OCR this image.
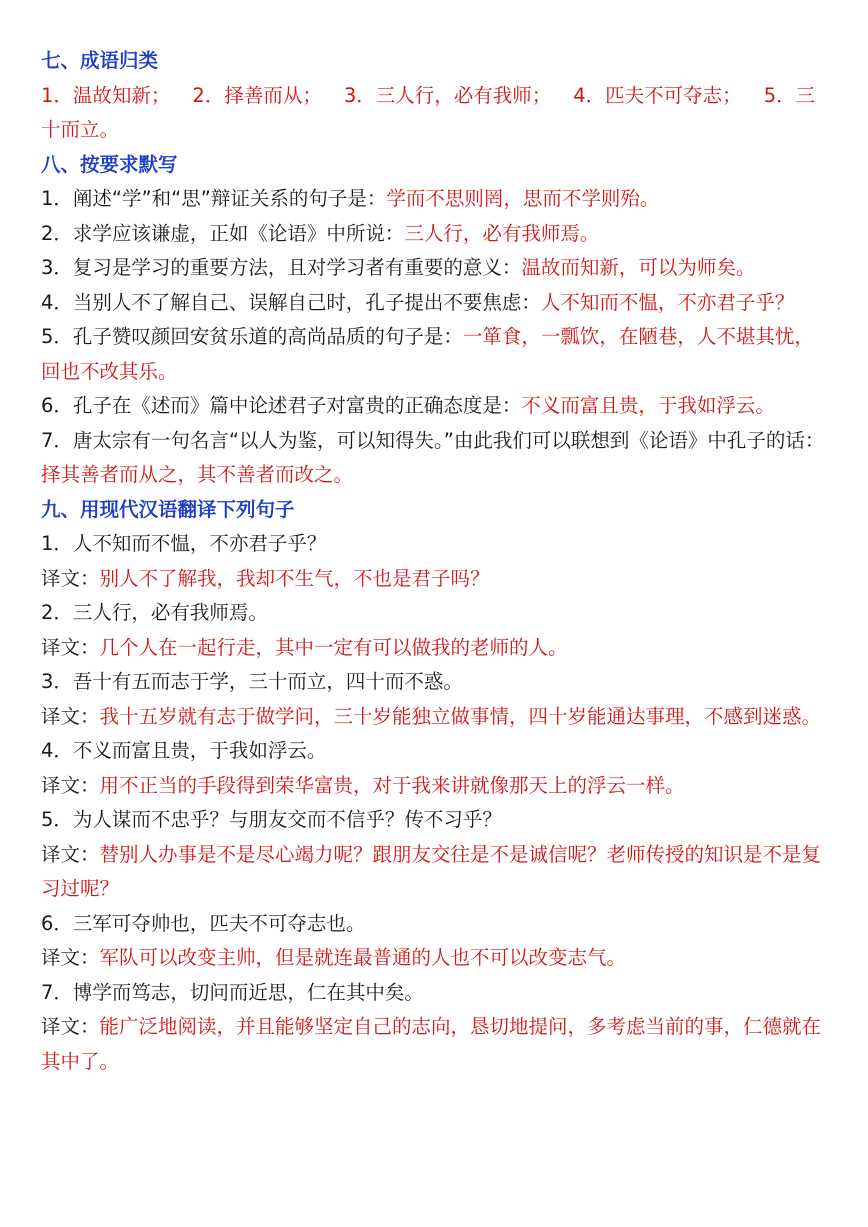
七、成语归类
1．温故知新； 2．择善而从； 3．三人行，必有我师； 4．匹夫不可夺志； 5．三十而立。
八、按要求默写
1．阐述“学”和“思”辩证关系的句子是：学而不思则罔，思而不学则殆。
2．求学应该谦虚，正如《论语》中所说：三人行，必有我师焉。
3．复习是学习的重要方法，且对学习者有重要的意义：温故而知新，可以为师矣。
4．当别人不了解自己、误解自己时，孔子提出不要焦虑：人不知而不愠，不亦君子乎？
5．孔子赞叹颜回安贫乐道的高尚品质的句子是：一箪食，一瓢饮，在陋巷，人不堪其忧，回也不改其乐。
6．孔子在《述而》篇中论述君子对富贵的正确态度是：不义而富且贵，于我如浮云。
7．唐太宗有一句名言“以人为鉴，可以知得失。”由此我们可以联想到《论语》中孔子的话：择其善者而从之，其不善者而改之。
九、用现代汉语翻译下列句子
1．人不知而不愠，不亦君子乎？
译文：别人不了解我，我却不生气，不也是君子吗？
2．三人行，必有我师焉。
译文：几个人在一起行走，其中一定有可以做我的老师的人。
3．吾十有五而志于学，三十而立，四十而不惑。
译文：我十五岁就有志于做学问，三十岁能独立做事情，四十岁能通达事理，不感到迷惑。
4．不义而富且贵，于我如浮云。
译文：用不正当的手段得到荣华富贵，对于我来讲就像那天上的浮云一样。
5．为人谋而不忠乎？与朋友交而不信乎？传不习乎？
译文：替别人办事是不是尽心竭力呢？跟朋友交往是不是诚信呢？老师传授的知识是不是复习过呢？
6．三军可夺帅也，匹夫不可夺志也。
译文：军队可以改变主帅，但是就连最普通的人也不可以改变志气。
7．博学而笃志，切问而近思，仁在其中矣。
译文：能广泛地阅读，并且能够坚定自己的志向，恳切地提问，多考虑当前的事，仁德就在其中了。
